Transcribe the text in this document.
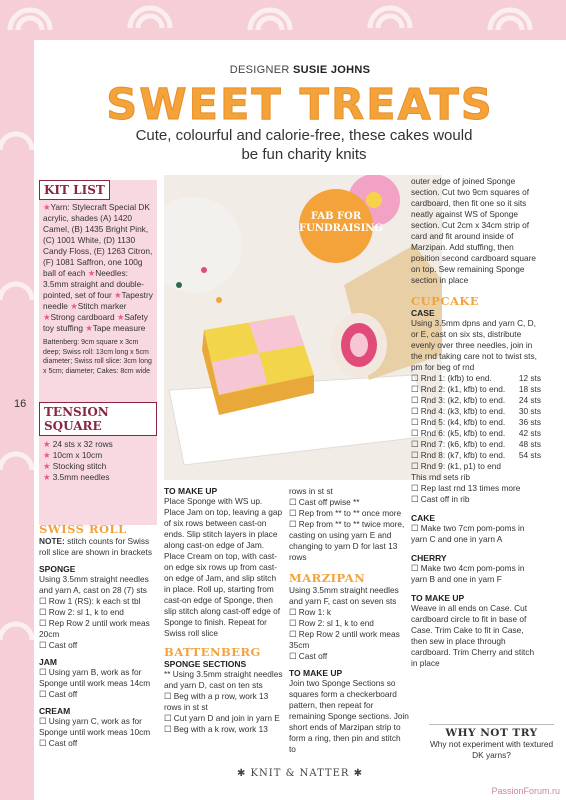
DESIGNER SUSIE JOHNS
SWEET TREATS
Cute, colourful and calorie-free, these cakes would be fun charity knits
16
KIT LIST
★Yarn: Stylecraft Special DK acrylic, shades (A) 1420 Camel, (B) 1435 Bright Pink, (C) 1001 White, (D) 1130 Candy Floss, (E) 1263 Citron, (F) 1081 Saffron, one 100g ball of each ★Needles: 3.5mm straight and double-pointed, set of four ★Tapestry needle ★Stitch marker ★Strong cardboard ★Safety toy stuffing ★Tape measure
Battenberg: 9cm square x 3cm deep; Swiss roll: 13cm long x 5cm diameter; Swiss roll slice: 3cm long x 5cm; diameter; Cakes: 8cm wide
TENSION SQUARE
★ 24 sts x 32 rows
★ 10cm x 10cm
★ Stocking stitch
★ 3.5mm needles
FAB FOR FUNDRAISING
SWISS ROLL
NOTE: stitch counts for Swiss roll slice are shown in brackets
SPONGE
Using 3.5mm straight needles and yarn A, cast on 28 (7) sts
☐ Row 1 (RS): k each st tbl
☐ Row 2: sl 1, k to end
☐ Rep Row 2 until work meas 20cm
☐ Cast off
JAM
☐ Using yarn B, work as for Sponge until work meas 14cm
☐ Cast off
CREAM
☐ Using yarn C, work as for Sponge until work meas 10cm
☐ Cast off
TO MAKE UP
Place Sponge with WS up. Place Jam on top, leaving a gap of six rows between cast-on ends. Slip stitch layers in place along cast-on edge of Jam. Place Cream on top, with cast-on edge six rows up from cast-on edge of Jam, and slip stitch in place. Roll up, starting from cast-on edge of Sponge, then slip stitch along cast-off edge of Sponge to finish. Repeat for Swiss roll slice
BATTENBERG
SPONGE SECTIONS
** Using 3.5mm straight needles and yarn D, cast on ten sts
☐ Beg with a p row, work 13 rows in st st
☐ Cut yarn D and join in yarn E
☐ Beg with a k row, work 13
rows in st st
☐ Cast off pwise **
☐ Rep from ** to ** once more
☐ Rep from ** to ** twice more, casting on using yarn E and changing to yarn D for last 13 rows
MARZIPAN
Using 3.5mm straight needles and yarn F, cast on seven sts
☐ Row 1: k
☐ Row 2: sl 1, k to end
☐ Rep Row 2 until work meas 35cm
☐ Cast off
TO MAKE UP
Join two Sponge Sections so squares form a checkerboard pattern, then repeat for remaining Sponge sections. Join short ends of Marzipan strip to form a ring, then pin and stitch to
outer edge of joined Sponge section. Cut two 9cm squares of cardboard, then fit one so it sits neatly against WS of Sponge section. Cut 2cm x 34cm strip of card and fit around inside of Marzipan. Add stuffing, then position second cardboard square on top. Sew remaining Sponge section in place
CUPCAKE
CASE
Using 3.5mm dpns and yarn C, D, or E, cast on six sts, distribute evenly over three needles, join in the rnd taking care not to twist sts, pm for beg of rnd
☐ Rnd 1: (kfb) to end.	12 sts
☐ Rnd 2: (k1, kfb) to end. 18 sts
☐ Rnd 3: (k2, kfb) to end. 24 sts
☐ Rnd 4: (k3, kfb) to end. 30 sts
☐ Rnd 5: (k4, kfb) to end. 36 sts
☐ Rnd 6: (k5, kfb) to end. 42 sts
☐ Rnd 7: (k6, kfb) to end. 48 sts
☐ Rnd 8: (k7, kfb) to end. 54 sts
☐ Rnd 9: (k1, p1) to end
This rnd sets rib
☐ Rep last rnd 13 times more
☐ Cast off in rib
CAKE
☐ Make two 7cm pom-poms in yarn C and one in yarn A
CHERRY
☐ Make two 4cm pom-poms in yarn B and one in yarn F
TO MAKE UP
Weave in all ends on Case. Cut cardboard circle to fit in base of Case. Trim Cake to fit in Case, then sew in place through cardboard. Trim Cherry and stitch in place
WHY NOT TRY
Why not experiment with textured DK yarns?
✱ KNIT & NATTER ✱
PassionForum.ru
